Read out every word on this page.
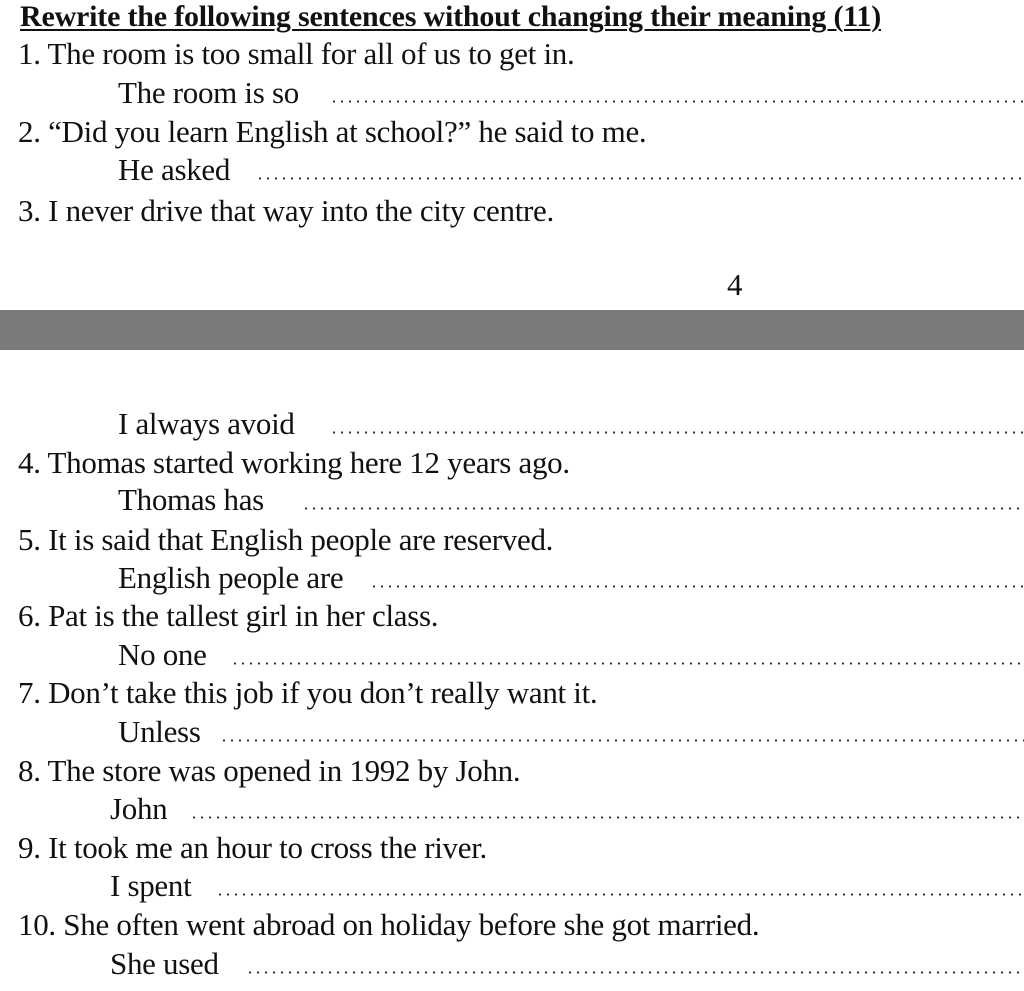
Rewrite the following sentences without changing their meaning (11)
1. The room is too small for all of us to get in.
The room is so
2. “Did you learn English at school?” he said to me.
He asked
3. I never drive that way into the city centre.
4
I always avoid
4. Thomas started working here 12 years ago.
Thomas has
5. It is said that English people are reserved.
English people are
6. Pat is the tallest girl in her class.
No one
7. Don’t take this job if you don’t really want it.
Unless
8. The store was opened in 1992 by John.
John
9. It took me an hour to cross the river.
I spent
10. She often went abroad on holiday before she got married.
She used
